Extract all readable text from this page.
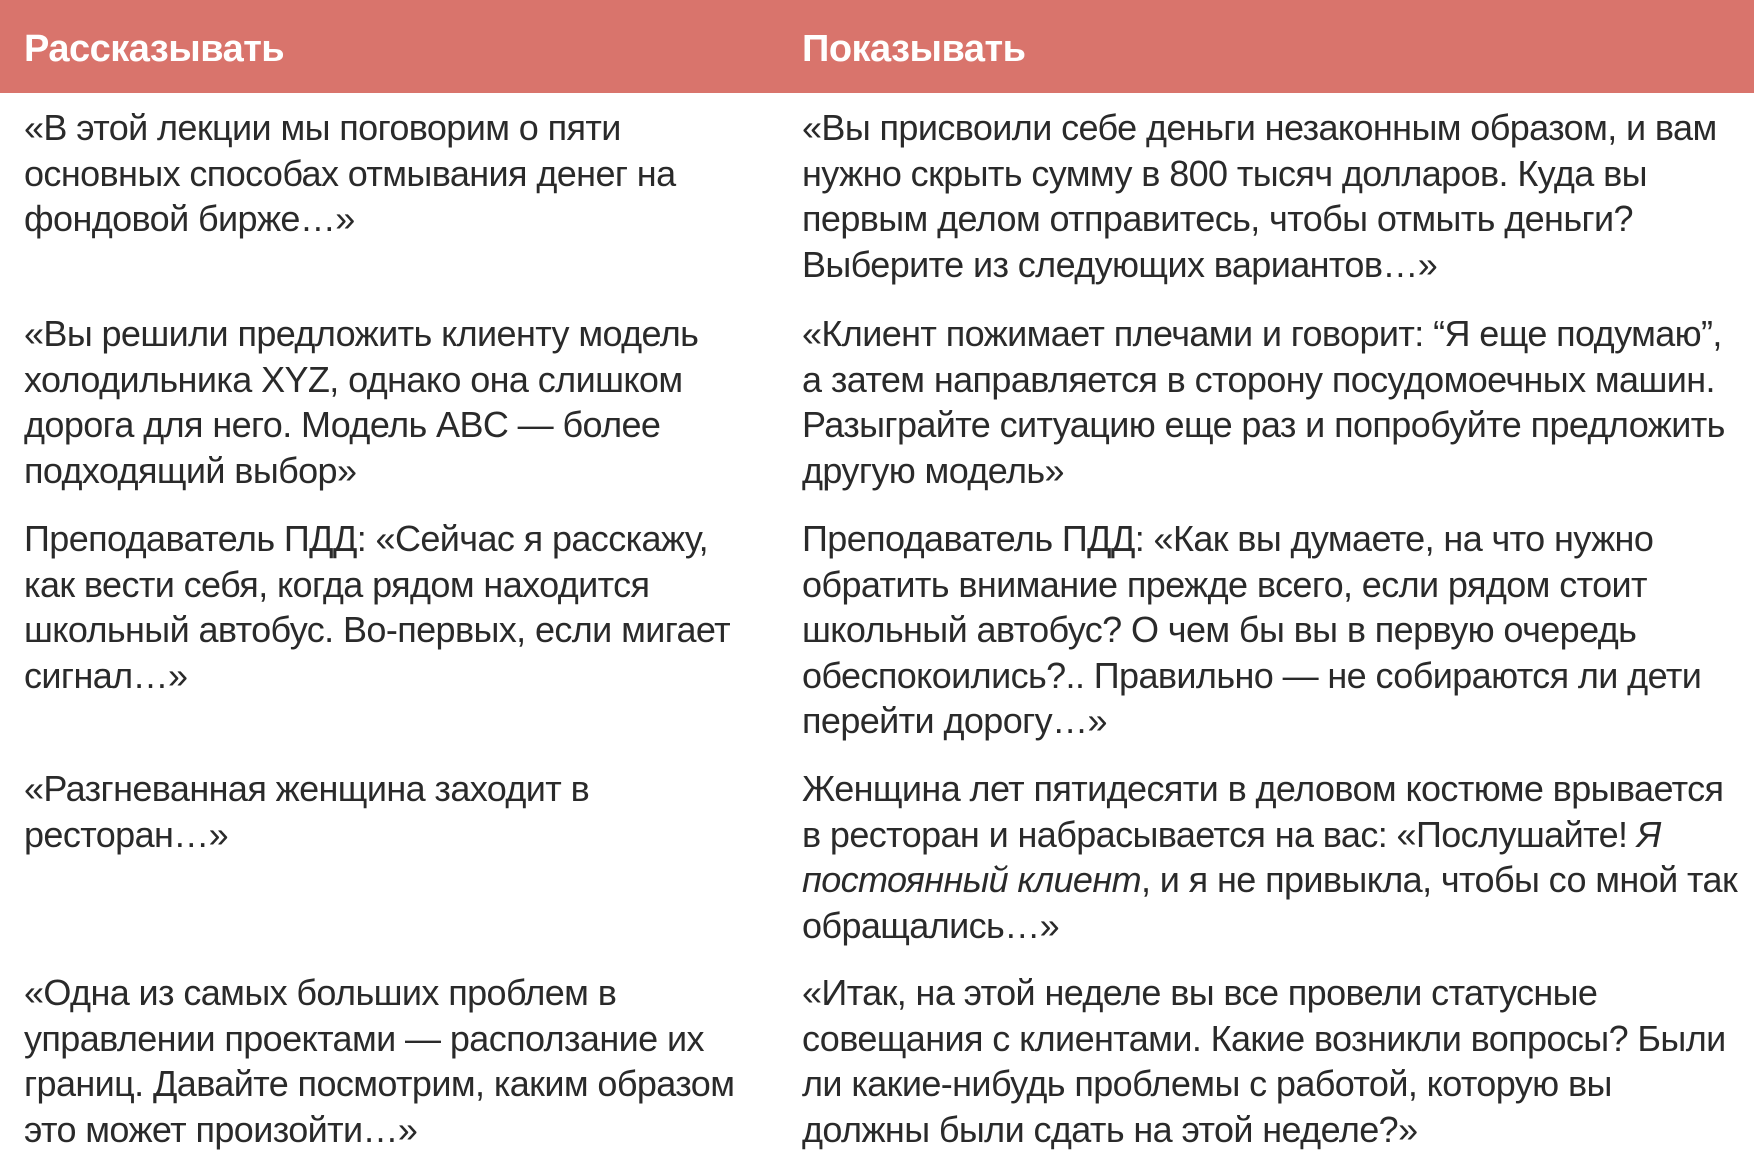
Рассказывать	Показывать
«В этой лекции мы поговорим о пяти основных способах отмывания денег на фондовой бирже…»
«Вы присвоили себе деньги незаконным образом, и вам нужно скрыть сумму в 800 тысяч долларов. Куда вы первым делом отправитесь, чтобы отмыть деньги? Выберите из следующих вариантов…»
«Вы решили предложить клиенту модель холодильника XYZ, однако она слишком дорога для него. Модель ABC — более подходящий выбор»
«Клиент пожимает плечами и говорит: “Я еще подумаю”, а затем направляется в сторону посудомоечных машин. Разыграйте ситуацию еще раз и попробуйте предложить другую модель»
Преподаватель ПДД: «Сейчас я расскажу, как вести себя, когда рядом находится школьный автобус. Во-первых, если мигает сигнал…»
Преподаватель ПДД: «Как вы думаете, на что нужно обратить внимание прежде всего, если рядом стоит школьный автобус? О чем бы вы в первую очередь обеспокоились?.. Правильно — не собираются ли дети перейти дорогу…»
«Разгневанная женщина заходит в ресторан…»
Женщина лет пятидесяти в деловом костюме врывается в ресторан и набрасывается на вас: «Послушайте! Я постоянный клиент, и я не привыкла, чтобы со мной так обращались…»
«Одна из самых больших проблем в управлении проектами — расползание их границ. Давайте посмотрим, каким образом это может произойти…»
«Итак, на этой неделе вы все провели статусные совещания с клиентами. Какие возникли вопросы? Были ли какие-нибудь проблемы с работой, которую вы должны были сдать на этой неделе?»
